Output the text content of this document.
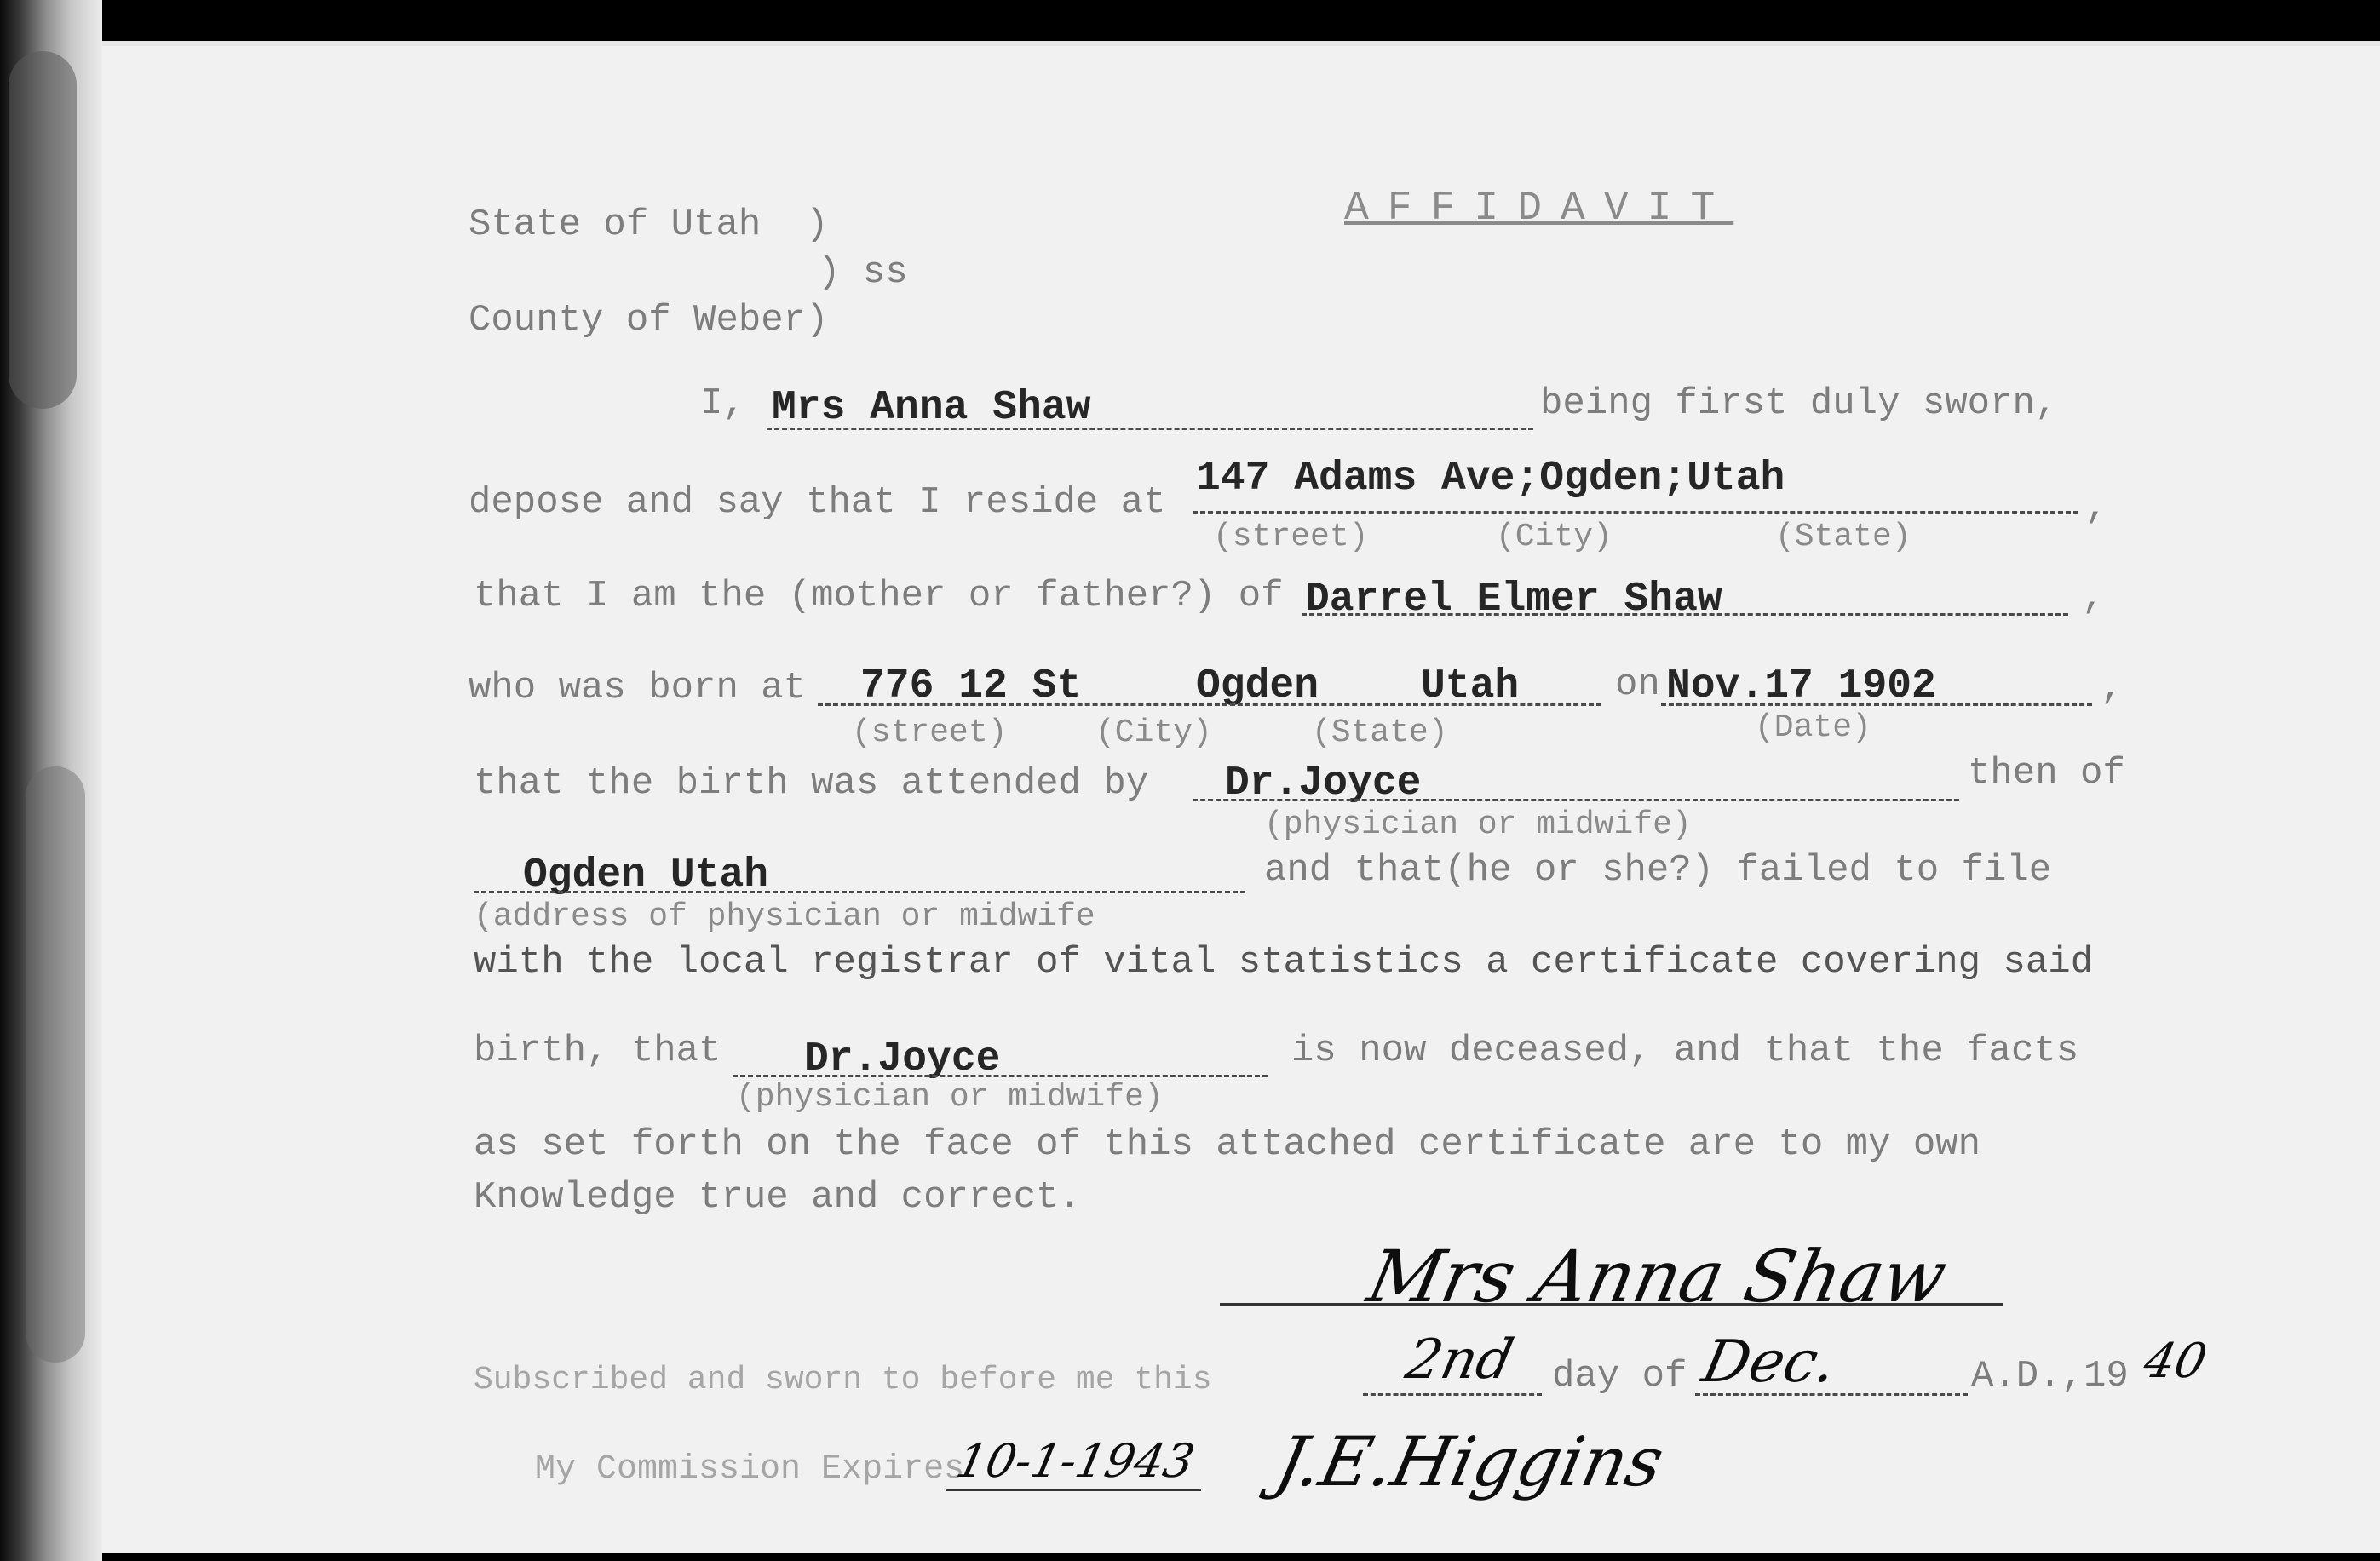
State of Utah  )
) ss
County of Weber)
AFFIDAVIT
I, Mrs Anna Shaw	being first duly sworn,
depose and say that I reside at
147 Adams Ave;Ogden;Utah
,
(street)	(City)	(State)
that I am the (mother or father?) of Darrel Elmer Shaw	,
who was born at 776 12 St	Ogden Utah	on Nov.17 1902	,
(street)	(City)	(State)	(Date)
that the birth was attended by Dr.Joyce	then of
(physician or midwife)
Ogden Utah	and that(he or she?) failed to file
(address of physician or midwife
with the local registrar of vital statistics a certificate covering said
birth, that Dr.Joyce	is now deceased, and that the facts
(physician or midwife)
as set forth on the face of this attached certificate are to my own
Knowledge true and correct.
Mrs Anna Shaw
Subscribed and sworn to before me this	2nd day of Dec.	A.D.,19 40
My Commission Expires
10-1-1943 J.E.Higgins
